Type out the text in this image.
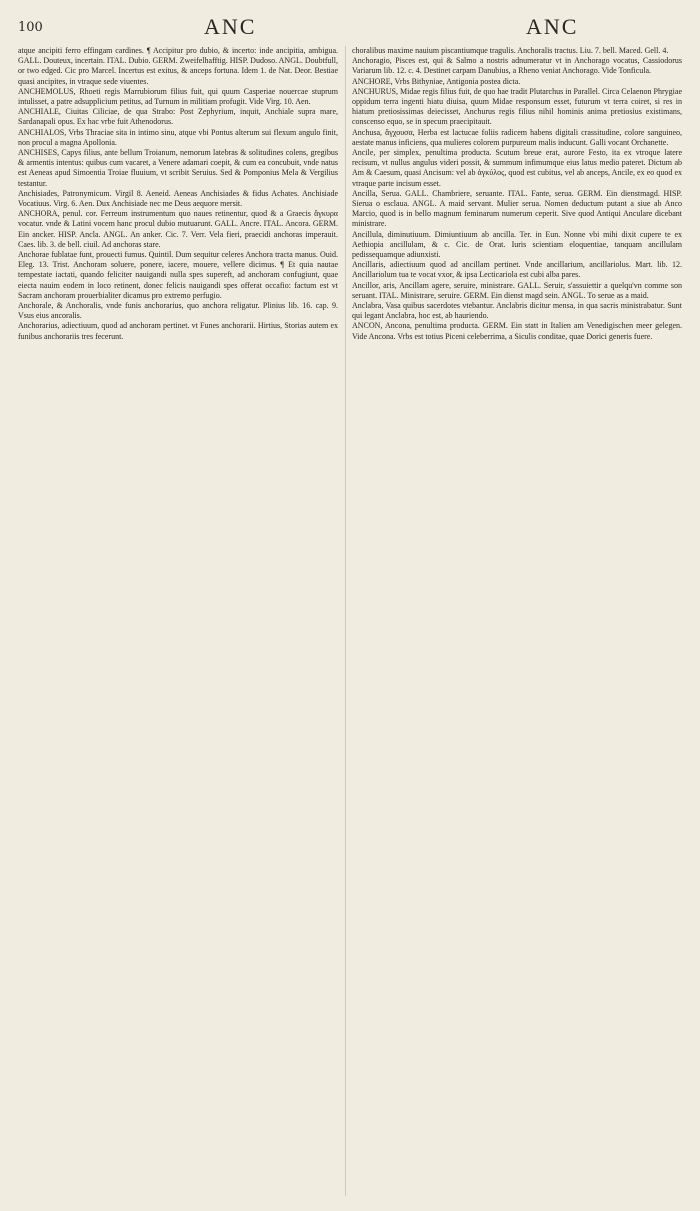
100	ANC	ANC

atque ancipiti ferro effingam cardines. ¶ Accipitur pro dubio, & incerto: inde ancipitia, ambigua. GALL. Douteux, incertain. ITAL. Dubio. GERM. Zweifelhafftig. HISP. Dudoso. ANGL. Doubtfull, or two edged. Cic pro Marcel. Incertus est exitus, & anceps fortuna. Idem 1. de Nat. Deor. Bestiae quasi ancipites, in vtraque sede viuentes.

ANCHEMOLUS, Rhoeti regis Marrubiorum filius fuit, qui quum Casperiae nouercae stuprum intulisset, a patre adsupplicium petitus, ad Turnum in militiam profugit. Vide Virg. 10. Aen.

ANCHIALE, Ciuitas Ciliciae, de qua Strabo: Post Zephyrium, inquit, Anchiale supra mare, Sardanapali opus. Ex hac vrbe fuit Athenodorus.

ANCHIALOS, Vrbs Thraciae sita in intimo sinu, atque vbi Pontus alterum sui flexum angulo finit, non procul a magna Apollonia.

ANCHISES, Capys filius, ante bellum Troianum, nemorum latebras & solitudines colens, gregibus & armentis intentus: quibus cum vacaret, a Venere adamari coepit, & cum ea concubuit, vnde natus est Aeneas apud Simoentia Troiae fluuium, vt scribit Seruius. Sed & Pomponius Mela & Vergilius testantur.

Anchisiades, Patronymicum. Virgil 8. Aeneid. Aeneas Anchisiades & fidus Achates. Anchisiade Vocatiuus. Virg. 6. Aen. Dux Anchisiade nec me Deus aequore mersit.

ANCHORA, penul. cor. Ferreum instrumentum quo naues retinentur, quod & a Graecis ἄγκυρα vocatur. vnde & Latini vocem hanc procul dubio mutuarunt. GALL. Ancre. ITAL. Ancora. GERM. Ein ancker. HISP. Ancla. ANGL. An anker. Cic. 7. Verr. Vela fieri, praecidi anchoras imperauit. Caes. lib. 3. de bell. ciuil. Ad anchoras stare.

Anchorae fublatae funt, prouecti fumus. Quintil. Dum sequitur celeres Anchora tracta manus. Ouid. Eleg. 13. Trist. Anchoram soluere, ponere, iacere, mouere, vellere dicimus. ¶ Et quia nautae tempestate iactati, quando feliciter nauigandi nulla spes supereft, ad anchoram confugiunt, quae eiecta nauim eodem in loco retinent, donec felicis nauigandi spes offerat occafio: factum est vt Sacram anchoram prouerbialiter dicamus pro extremo perfugio.

Anchorale, & Anchoralis, vnde funis anchorarius, quo anchora religatur. Plinius lib. 16. cap. 9. Vsus eius ancoralis.

Anchorarius, adiectiuum, quod ad anchoram pertinet. vt Funes anchorarii. Hirtius, Storias autem ex funibus anchorariis tres fecerunt.

choralibus maxime nauium piscantiumque tragulis. Anchoralis tractus. Liu. 7. bell. Maced. Gell. 4.

Anchoragio, Pisces est, qui & Salmo a nostris adnumeratur vt in Anchorago vocatus, Cassiodorus Variarum lib. 12. c. 4. Destinet carpam Danubius, a Rheno veniat Anchorago. Vide Tonficula.

ANCHORE, Vrbs Bithyniae, Antigonia postea dicta.

ANCHURUS, Midae regis filius fuit, de quo hae tradit Plutarchus in Parallel. Circa Celaenon Phrygiae oppidum terra ingenti hiatu diuisa, quum Midae responsum esset, futurum vt terra coiret, si res in hiatum pretiosissimas deiecisset, Anchurus regis filius nihil hominis anima pretiosius existimans, conscenso equo, se in specum praecipitauit.

Anchusa, ἄγχουσα, Herba est lactucae foliis radicem habens digitali crassitudine, colore sanguineo, aestate manus inficiens, qua mulieres colorem purpureum malis inducunt. Galli vocant Orchanette.

Ancile, per simplex, penultima producta. Scutum breue erat, aurore Festo, ita ex vtroque latere recisum, vt nullus angulus videri possit, & summum infimumque eius latus medio pateret. Dictum ab Am & Caesum, quasi Ancisum: vel ab ἀγκύλος, quod est cubitus, vel ab anceps, Ancile, ex eo quod ex vtraque parte incisum esset.

Ancilla, Serua. GALL. Chambriere, seruante. ITAL. Fante, serua. GERM. Ein dienstmagd. HISP. Sierua o esclaua. ANGL. A maid servant. Mulier serua. Nomen deductum putant a siue ab Anco Marcio, quod is in bello magnum feminarum numerum ceperit. Sive quod Antiqui Anculare dicebant ministrare.

Ancillula, diminutiuum. Dimiuntiuum ab ancilla. Ter. in Eun. Nonne vbi mihi dixit cupere te ex Aethiopia ancillulam, & c. Cic. de Orat. Iuris scientiam eloquentiae, tanquam ancillulam pedissequamque adiunxisti.

Ancillaris, adiectiuum quod ad ancillam pertinet. Vnde ancillarium, ancillariolus. Mart. lib. 12. Ancillariolum tua te vocat vxor, & ipsa Lecticariola est cubi alba pares.

Ancillor, aris, Ancillam agere, seruire, ministrare. GALL. Seruir, s'assuiettir a quelqu'vn comme son seruant. ITAL. Ministrare, seruire. GERM. Ein dienst magd sein. ANGL. To serue as a maid.

Anclabra, Vasa quibus sacerdotes vtebantur. Anclabris dicitur mensa, in qua sacris ministrabatur. Sunt qui legant Anclabra, hoc est, ab hauriendo.

ANCON, Ancona, penultima producta. GERM. Ein statt in Italien am Venedigischen meer gelegen. Vide Ancona. Vrbs est totius Piceni celeberrima, a Siculis conditae, quae Dorici generis fuere.
